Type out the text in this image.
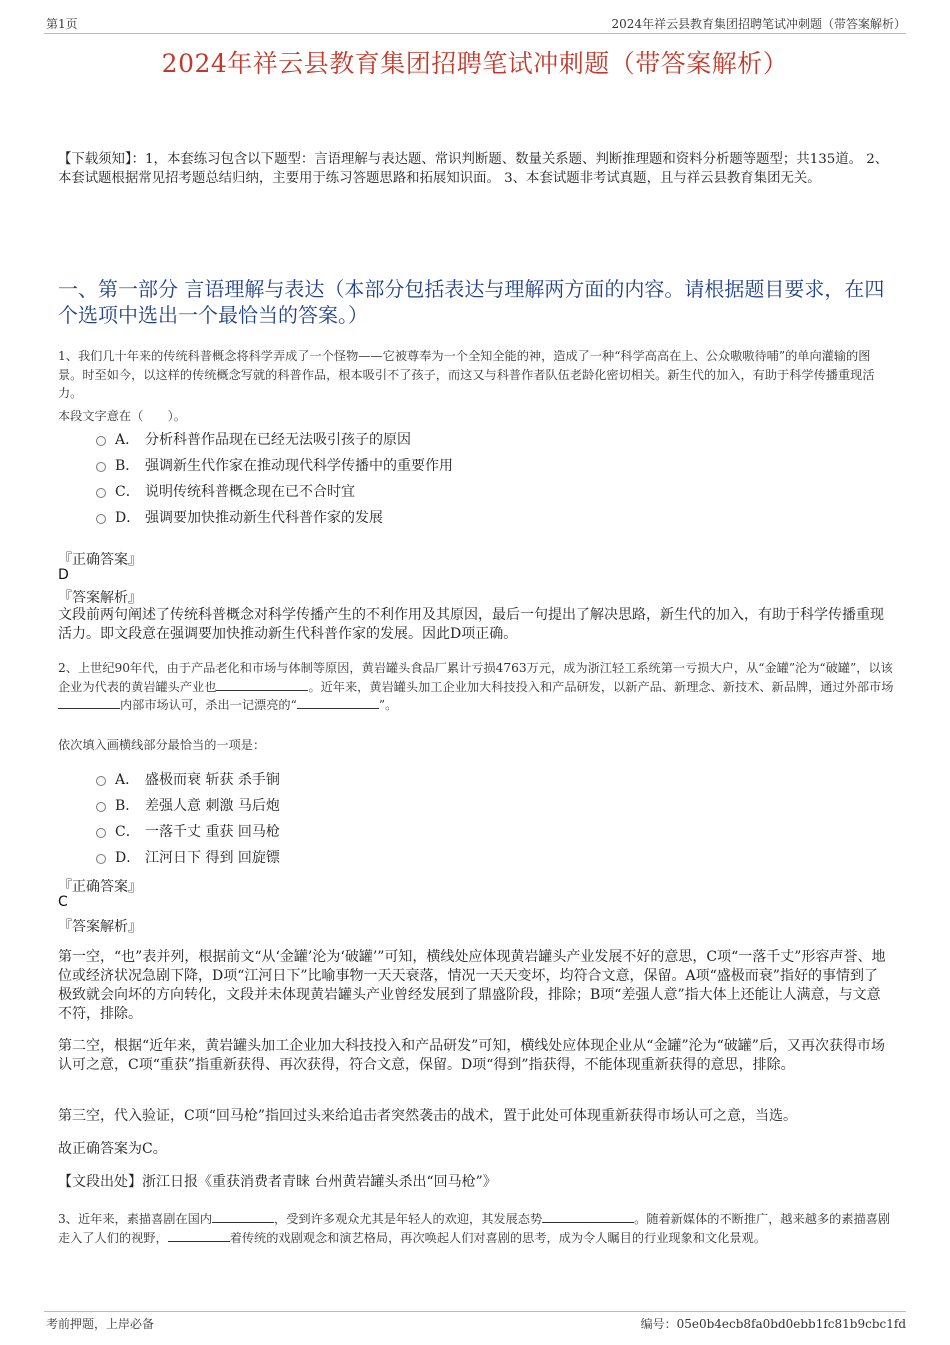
第1页	2024年祥云县教育集团招聘笔试冲刺题（带答案解析）
2024年祥云县教育集团招聘笔试冲刺题（带答案解析）
【下载须知】：1，本套练习包含以下题型：言语理解与表达题、常识判断题、数量关系题、判断推理题和资料分析题等题型；共135道。 2、本套试题根据常见招考题总结归纳，主要用于练习答题思路和拓展知识面。 3、本套试题非考试真题，且与祥云县教育集团无关。
一、第一部分 言语理解与表达（本部分包括表达与理解两方面的内容。请根据题目要求，在四个选项中选出一个最恰当的答案。）
1、我们几十年来的传统科普概念将科学弄成了一个怪物——它被尊奉为一个全知全能的神，造成了一种“科学高高在上、公众嗷嗷待哺”的单向灌输的图景。时至如今，以这样的传统概念写就的科普作品，根本吸引不了孩子，而这又与科普作者队伍老龄化密切相关。新生代的加入，有助于科学传播重现活力。
本段文字意在（　　）。
A． 分析科普作品现在已经无法吸引孩子的原因
B． 强调新生代作家在推动现代科学传播中的重要作用
C． 说明传统科普概念现在已不合时宜
D． 强调要加快推动新生代科普作家的发展
『正确答案』
D
『答案解析』
文段前两句阐述了传统科普概念对科学传播产生的不利作用及其原因，最后一句提出了解决思路，新生代的加入，有助于科学传播重现活力。即文段意在强调要加快推动新生代科普作家的发展。因此D项正确。
2、上世纪90年代，由于产品老化和市场与体制等原因，黄岩罐头食品厂累计亏损4763万元，成为浙江轻工系统第一亏损大户，从“金罐”沦为“破罐”，以该企业为代表的黄岩罐头产业也	。近年来，黄岩罐头加工企业加大科技投入和产品研发，以新产品、新理念、新技术、新品牌，通过外部市场内部市场认可，杀出一记漂亮的“	”。
依次填入画横线部分最恰当的一项是：
A． 盛极而衰 斩获 杀手锏
B． 差强人意 刺激 马后炮
C． 一落千丈 重获 回马枪
D． 江河日下 得到 回旋镖
『正确答案』
C
『答案解析』
第一空，“也”表并列，根据前文“从‘金罐’沦为‘破罐’”可知，横线处应体现黄岩罐头产业发展不好的意思，C项“一落千丈”形容声誉、地位或经济状况急剧下降，D项“江河日下”比喻事物一天天衰落，情况一天天变坏，均符合文意，保留。A项“盛极而衰”指好的事情到了极致就会向坏的方向转化，文段并未体现黄岩罐头产业曾经发展到了鼎盛阶段，排除；B项“差强人意”指大体上还能让人满意，与文意不符，排除。
第二空，根据“近年来，黄岩罐头加工企业加大科技投入和产品研发”可知，横线处应体现企业从“金罐”沦为“破罐”后，又再次获得市场认可之意，C项“重获”指重新获得、再次获得，符合文意，保留。D项“得到”指获得，不能体现重新获得的意思，排除。
第三空，代入验证，C项“回马枪”指回过头来给追击者突然袭击的战术，置于此处可体现重新获得市场认可之意，当选。
故正确答案为C。
【文段出处】浙江日报《重获消费者青睐 台州黄岩罐头杀出“回马枪”》
3、近年来，素描喜剧在国内	，受到许多观众尤其是年轻人的欢迎，其发展态势	。随着新媒体的不断推广，越来越多的素描喜剧走入了人们的视野，	着传统的戏剧观念和演艺格局，再次唤起人们对喜剧的思考，成为令人瞩目的行业现象和文化景观。
考前押题，上岸必备	编号：05e0b4ecb8fa0bd0ebb1fc81b9cbc1fd
